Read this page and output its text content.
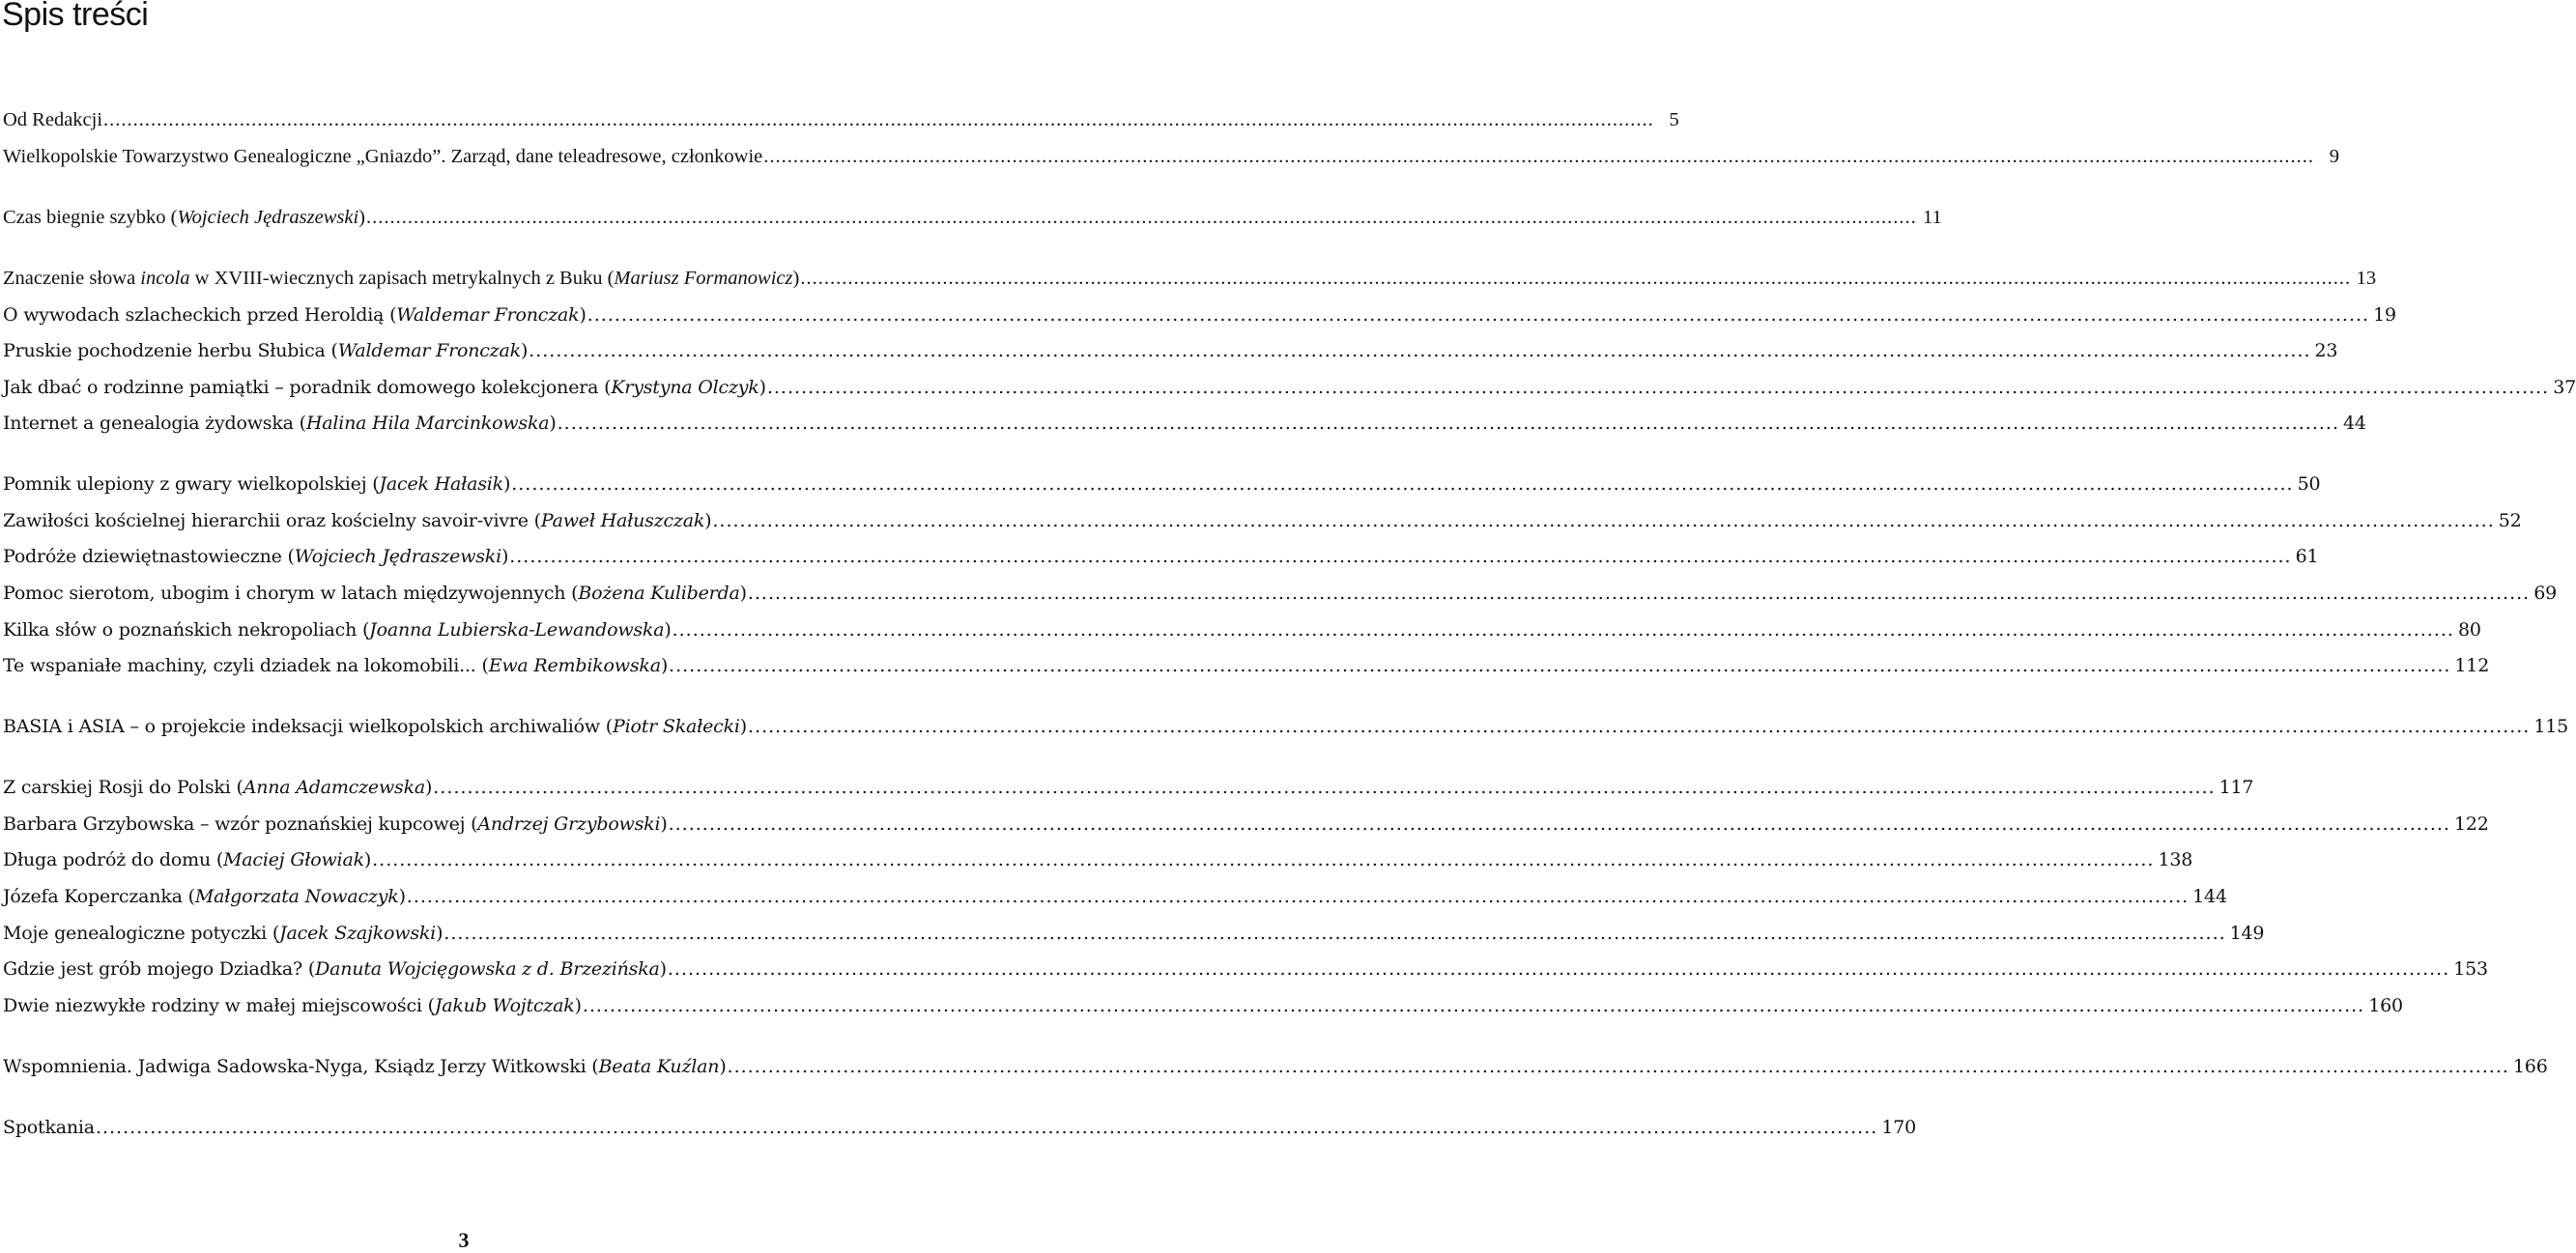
Spis treści
Od Redakcji .....	5
Wielkopolskie Towarzystwo Genealogiczne „Gniazdo”. Zarząd, dane teleadresowe, członkowie .....	9
Czas biegnie szybko (Wojciech Jędraszewski) .....	11
Znaczenie słowa incola w XVIII-wiecznych zapisach metrykalnych z Buku (Mariusz Formanowicz) .....	13
O wywodach szlacheckich przed Heroldią (Waldemar Fronczak) .....	19
Pruskie pochodzenie herbu Słubica (Waldemar Fronczak) .....	23
Jak dbać o rodzinne pamiątki – poradnik domowego kolekcjonera (Krystyna Olczyk) .....	37
Internet a genealogia żydowska (Halina Hila Marcinkowska) .....	44
Pomnik ulepiony z gwary wielkopolskiej (Jacek Hałasik) .....	50
Zawiłości kościelnej hierarchii oraz kościelny savoir-vivre (Paweł Hałuszczak) .....	52
Podróże dziewiętnastowieczne (Wojciech Jędraszewski) .....	61
Pomoc sierotom, ubogim i chorym w latach międzywojennych (Bożena Kuliberda) .....	69
Kilka słów o poznańskich nekropoliach (Joanna Lubierska-Lewandowska) .....	80
Te wspaniałe machiny, czyli dziadek na lokomobili... (Ewa Rembikowska) .....	112
BASIA i ASIA – o projekcie indeksacji wielkopolskich archiwaliów (Piotr Skałecki) .....	115
Z carskiej Rosji do Polski (Anna Adamczewska) .....	117
Barbara Grzybowska – wzór poznańskiej kupcowej (Andrzej Grzybowski) .....	122
Długa podróż do domu (Maciej Głowiak) .....	138
Józefa Koperczanka (Małgorzata Nowaczyk) .....	144
Moje genealogiczne potyczki (Jacek Szajkowski) .....	149
Gdzie jest grób mojego Dziadka? (Danuta Wojcięgowska z d. Brzezińska) .....	153
Dwie niezwykłe rodziny w małej miejscowości (Jakub Wojtczak) .....	160
Wspomnienia. Jadwiga Sadowska-Nyga, Ksiądz Jerzy Witkowski (Beata Kuźlan) .....	166
Spotkania .....	170
3
